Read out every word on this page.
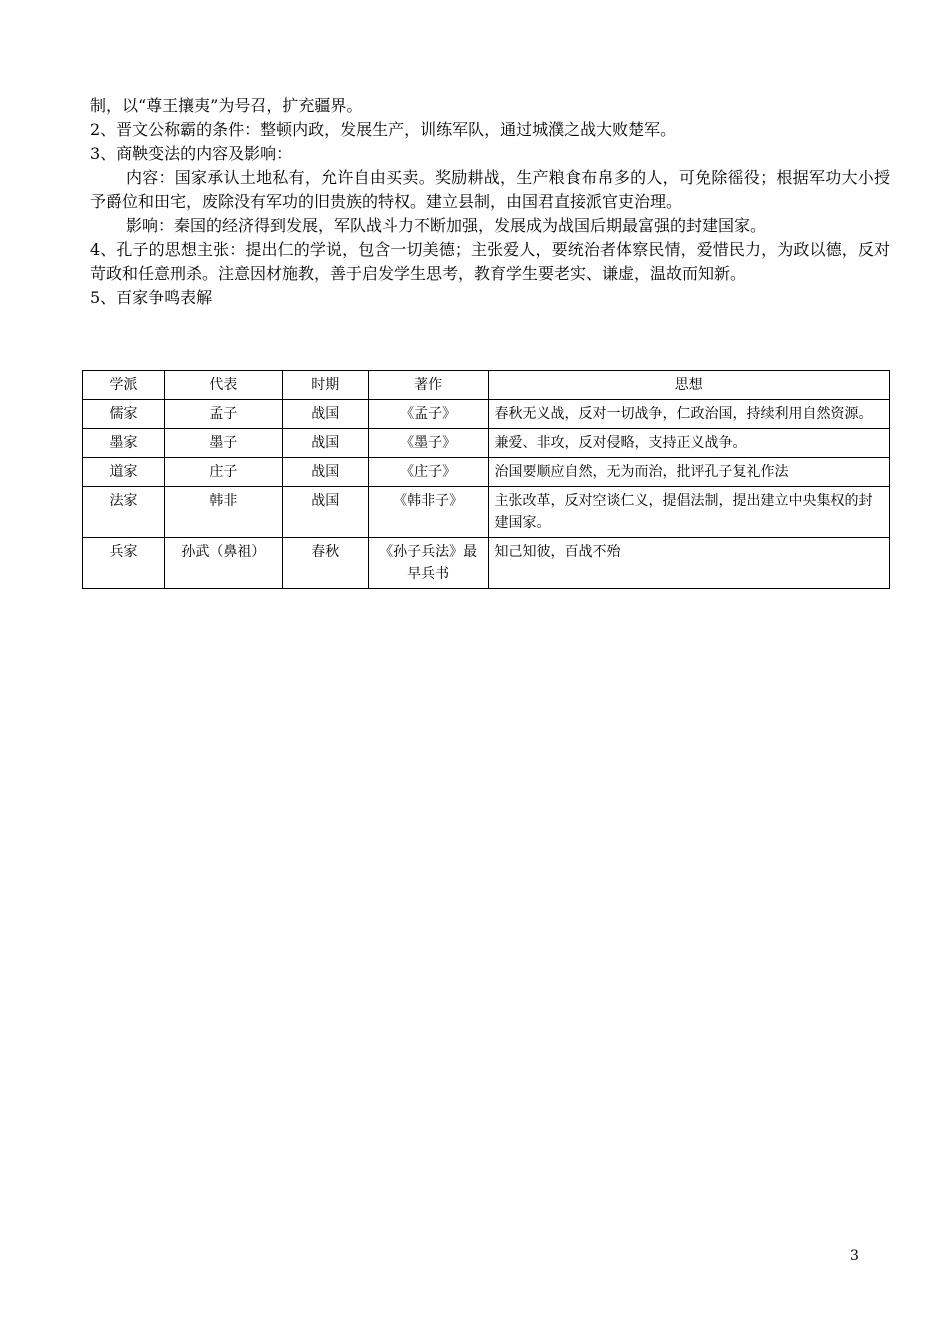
制，以“尊王攘夷”为号召，扩充疆界。

2、晋文公称霸的条件：整顿内政，发展生产，训练军队，通过城濮之战大败楚军。

3、商鞅变法的内容及影响：

内容：国家承认土地私有，允许自由买卖。奖励耕战，生产粮食布帛多的人，可免除徭役；根据军功大小授予爵位和田宅，废除没有军功的旧贵族的特权。建立县制，由国君直接派官吏治理。

影响：秦国的经济得到发展，军队战斗力不断加强，发展成为战国后期最富强的封建国家。

4、孔子的思想主张：提出仁的学说，包含一切美德；主张爱人，要统治者体察民情，爱惜民力，为政以德，反对苛政和任意刑杀。注意因材施教，善于启发学生思考，教育学生要老实、谦虚，温故而知新。

5、百家争鸣表解

学派	代表	时期	著作	思想
儒家	孟子	战国	《孟子》	春秋无义战，反对一切战争，仁政治国，持续利用自然资源。
墨家	墨子	战国	《墨子》	兼爱、非攻，反对侵略，支持正义战争。
道家	庄子	战国	《庄子》	治国要顺应自然，无为而治，批评孔子复礼作法
法家	韩非	战国	《韩非子》	主张改革，反对空谈仁义，提倡法制，提出建立中央集权的封建国家。
兵家	孙武（鼻祖）	春秋	《孙子兵法》最早兵书	知己知彼，百战不殆
3
